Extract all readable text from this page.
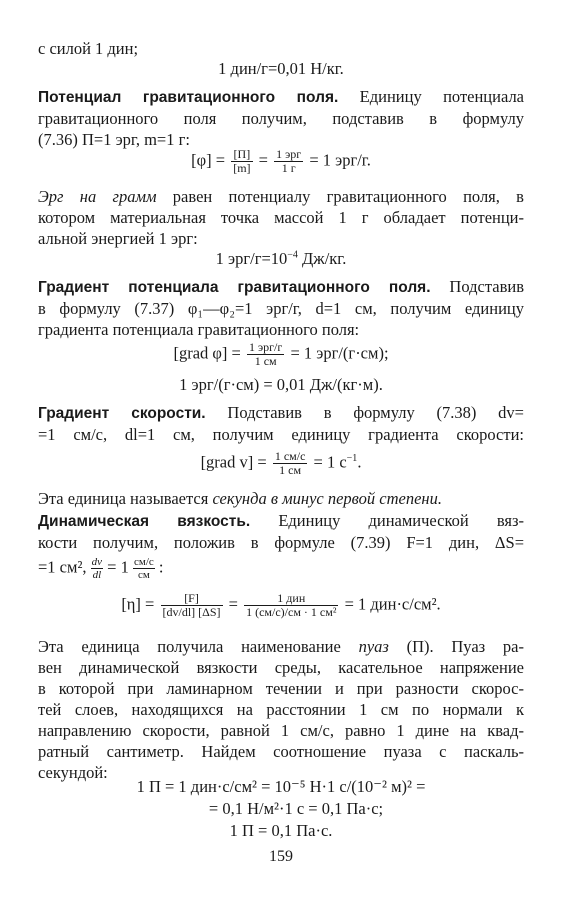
с силой 1 дин;
1 дин/г=0,01 Н/кг.
Потенциал гравитационного поля. Единицу потенциала
гравитационного поля получим, подставив в формулу
(7.36) П=1 эрг, m=1 г:
$[\varphi] = \frac{[П]}{[m]} = \frac{\text{1 эрг}}{1 г} = 1$ эрг/г.
Эрг на грамм равен потенциалу гравитационного поля, в
котором материальная точка массой 1 г обладает потенци-
альной энергией 1 эрг:
1 эрг/$г=10^{-4}$ Дж/кг.
Градиент потенциала гравитационного поля. Подставив
в формулу (7.37) φ₁—φ₂=1 эрг/г, d=1 см, получим единицу
градиента потенциала гравитационного поля:
[grad $\varphi] = \frac{\text{1 эрг/г}}{1 см} = 1$ эрг/(г·см);
1 эрг/(г·см) = 0,01 Дж/(кг·м).
Градиент скорости. Подставив в формулу (7.38) dv=
=1 см/с, dl=1 см, получим единицу градиента скорости:
[grad $v] = \frac{1 см/с}{1 см} = 1$ $с^{-1}$.
Эта единица называется секунда в минус первой степени.
Динамическая вязкость. Единицу динамической вяз-
кости получим, положив в формуле (7.39) F=1 дин, ΔS=
=1 см², $\frac{dv}{dl} = 1 \frac{см/с}{см}$ :
$[\eta] = \frac{[F]}{[dv/dl] [\Delta S]} = \frac{\text{1 дин}}{\text{1 (см/с)/см · 1 см²}} = 1$ дин·с/см².
Эта единица получила наименование пуаз (П). Пуаз ра-
вен динамической вязкости среды, касательное напряжение
в которой при ламинарном течении и при разности скорос-
тей слоев, находящихся на расстоянии 1 см по нормали к
направлению скорости, равной 1 см/с, равно 1 дине на квад-
ратный сантиметр. Найдем соотношение пуаза с паскаль-
секундой:
1 П = 1 дин·с/см² = 10⁻⁵ Н·1 с/(10⁻² м)² =
= 0,1 Н/м²·1 с = 0,1 Па·с;
1 П = 0,1 Па·с.
159
